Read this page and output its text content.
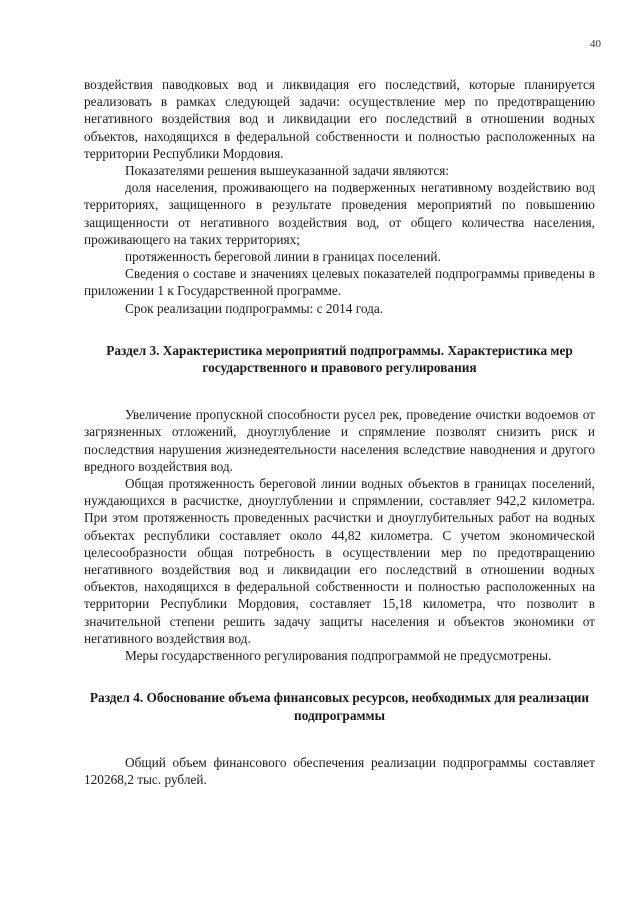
40

воздействия паводковых вод и ликвидация его последствий, которые планируется реализовать в рамках следующей задачи: осуществление мер по предотвращению негативного воздействия вод и ликвидации его последствий в отношении водных объектов, находящихся в федеральной собственности и полностью расположенных на территории Республики Мордовия.

Показателями решения вышеуказанной задачи являются:

доля населения, проживающего на подверженных негативному воздействию вод территориях, защищенного в результате проведения мероприятий по повышению защищенности от негативного воздействия вод, от общего количества населения, проживающего на таких территориях;

протяженность береговой линии в границах поселений.

Сведения о составе и значениях целевых показателей подпрограммы приведены в приложении 1 к Государственной программе.

Срок реализации подпрограммы: с 2014 года.

Раздел 3. Характеристика мероприятий подпрограммы. Характеристика мер государственного и правового регулирования

Увеличение пропускной способности русел рек, проведение очистки водоемов от загрязненных отложений, дноуглубление и спрямление позволят снизить риск и последствия нарушения жизнедеятельности населения вследствие наводнения и другого вредного воздействия вод.

Общая протяженность береговой линии водных объектов в границах поселений, нуждающихся в расчистке, дноуглублении и спрямлении, составляет 942,2 километра. При этом протяженность проведенных расчистки и дноуглубительных работ на водных объектах республики составляет около 44,82 километра. С учетом экономической целесообразности общая потребность в осуществлении мер по предотвращению негативного воздействия вод и ликвидации его последствий в отношении водных объектов, находящихся в федеральной собственности и полностью расположенных на территории Республики Мордовия, составляет 15,18 километра, что позволит в значительной степени решить задачу защиты населения и объектов экономики от негативного воздействия вод.

Меры государственного регулирования подпрограммой не предусмотрены.

Раздел 4. Обоснование объема финансовых ресурсов, необходимых для реализации подпрограммы

Общий объем финансового обеспечения реализации подпрограммы составляет 120268,2 тыс. рублей.
